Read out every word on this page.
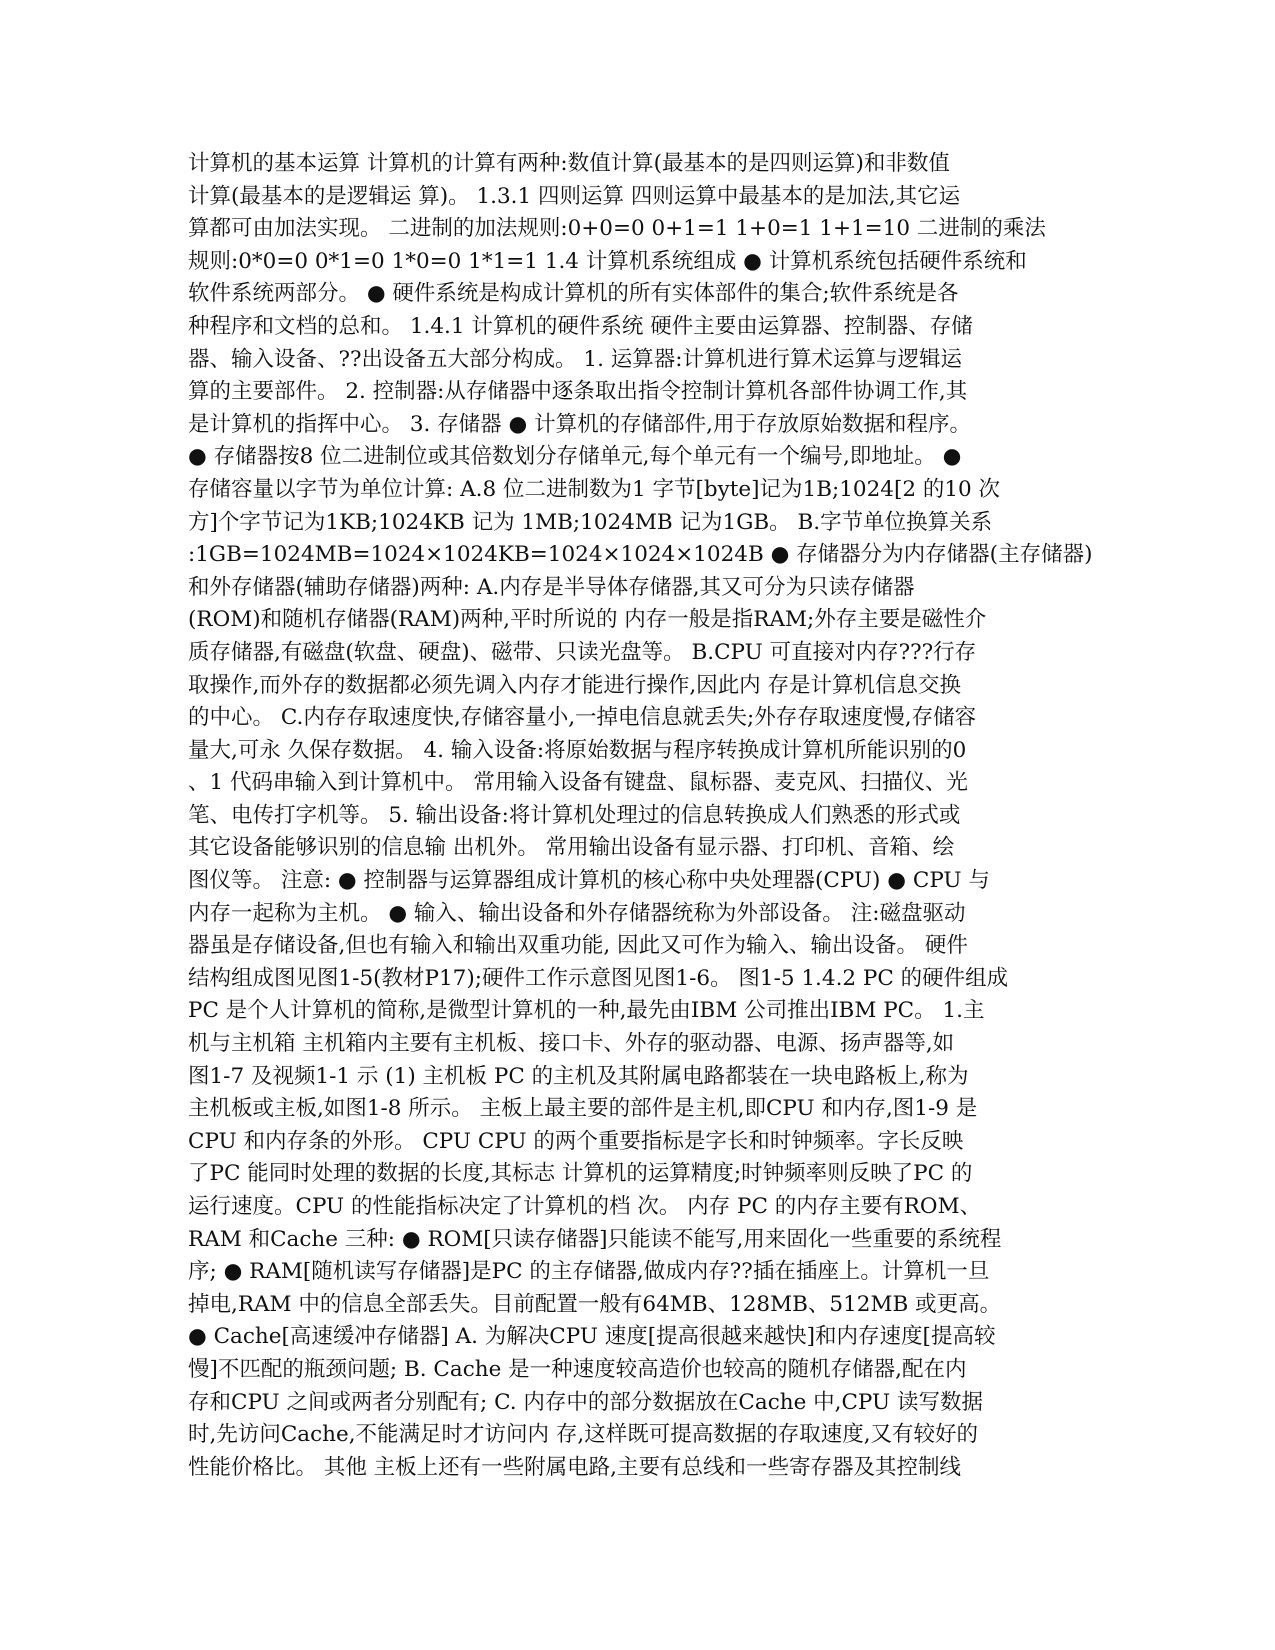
计算机的基本运算 计算机的计算有两种:数值计算(最基本的是四则运算)和非数值
计算(最基本的是逻辑运 算)。 1.3.1 四则运算 四则运算中最基本的是加法,其它运
算都可由加法实现。 二进制的加法规则:0+0=0 0+1=1 1+0=1 1+1=10 二进制的乘法
规则:0*0=0 0*1=0 1*0=0 1*1=1 1.4 计算机系统组成 ● 计算机系统包括硬件系统和
软件系统两部分。 ● 硬件系统是构成计算机的所有实体部件的集合;软件系统是各
种程序和文档的总和。 1.4.1 计算机的硬件系统 硬件主要由运算器、控制器、存储
器、输入设备、??出设备五大部分构成。 1. 运算器:计算机进行算术运算与逻辑运
算的主要部件。 2. 控制器:从存储器中逐条取出指令控制计算机各部件协调工作,其
是计算机的指挥中心。 3. 存储器 ● 计算机的存储部件,用于存放原始数据和程序。
● 存储器按8 位二进制位或其倍数划分存储单元,每个单元有一个编号,即地址。 ●
存储容量以字节为单位计算: A.8 位二进制数为1 字节[byte]记为1B;1024[2 的10 次
方]个字节记为1KB;1024KB 记为 1MB;1024MB 记为1GB。 B.字节单位换算关系
:1GB=1024MB=1024×1024KB=1024×1024×1024B ● 存储器分为内存储器(主存储器)
和外存储器(辅助存储器)两种: A.内存是半导体存储器,其又可分为只读存储器
(ROM)和随机存储器(RAM)两种,平时所说的 内存一般是指RAM;外存主要是磁性介
质存储器,有磁盘(软盘、硬盘)、磁带、只读光盘等。 B.CPU 可直接对内存???行存
取操作,而外存的数据都必须先调入内存才能进行操作,因此内 存是计算机信息交换
的中心。 C.内存存取速度快,存储容量小,一掉电信息就丢失;外存存取速度慢,存储容
量大,可永 久保存数据。 4. 输入设备:将原始数据与程序转换成计算机所能识别的0
、1 代码串输入到计算机中。 常用输入设备有键盘、鼠标器、麦克风、扫描仪、光
笔、电传打字机等。 5. 输出设备:将计算机处理过的信息转换成人们熟悉的形式或
其它设备能够识别的信息输 出机外。 常用输出设备有显示器、打印机、音箱、绘
图仪等。 注意: ● 控制器与运算器组成计算机的核心称中央处理器(CPU) ● CPU 与
内存一起称为主机。 ● 输入、输出设备和外存储器统称为外部设备。 注:磁盘驱动
器虽是存储设备,但也有输入和输出双重功能, 因此又可作为输入、输出设备。 硬件
结构组成图见图1-5(教材P17);硬件工作示意图见图1-6。 图1-5 1.4.2 PC 的硬件组成
PC 是个人计算机的简称,是微型计算机的一种,最先由IBM 公司推出IBM PC。 1.主
机与主机箱 主机箱内主要有主机板、接口卡、外存的驱动器、电源、扬声器等,如
图1-7 及视频1-1 示 (1) 主机板 PC 的主机及其附属电路都装在一块电路板上,称为
主机板或主板,如图1-8 所示。 主板上最主要的部件是主机,即CPU 和内存,图1-9 是
CPU 和内存条的外形。 CPU CPU 的两个重要指标是字长和时钟频率。字长反映
了PC 能同时处理的数据的长度,其标志 计算机的运算精度;时钟频率则反映了PC 的
运行速度。CPU 的性能指标决定了计算机的档 次。 内存 PC 的内存主要有ROM、
RAM 和Cache 三种: ● ROM[只读存储器]只能读不能写,用来固化一些重要的系统程
序; ● RAM[随机读写存储器]是PC 的主存储器,做成内存??插在插座上。计算机一旦
掉电,RAM 中的信息全部丢失。目前配置一般有64MB、128MB、512MB 或更高。
● Cache[高速缓冲存储器] A. 为解决CPU 速度[提高很越来越快]和内存速度[提高较
慢]不匹配的瓶颈问题; B. Cache 是一种速度较高造价也较高的随机存储器,配在内
存和CPU 之间或两者分别配有; C. 内存中的部分数据放在Cache 中,CPU 读写数据
时,先访问Cache,不能满足时才访问内 存,这样既可提高数据的存取速度,又有较好的
性能价格比。 其他 主板上还有一些附属电路,主要有总线和一些寄存器及其控制线
